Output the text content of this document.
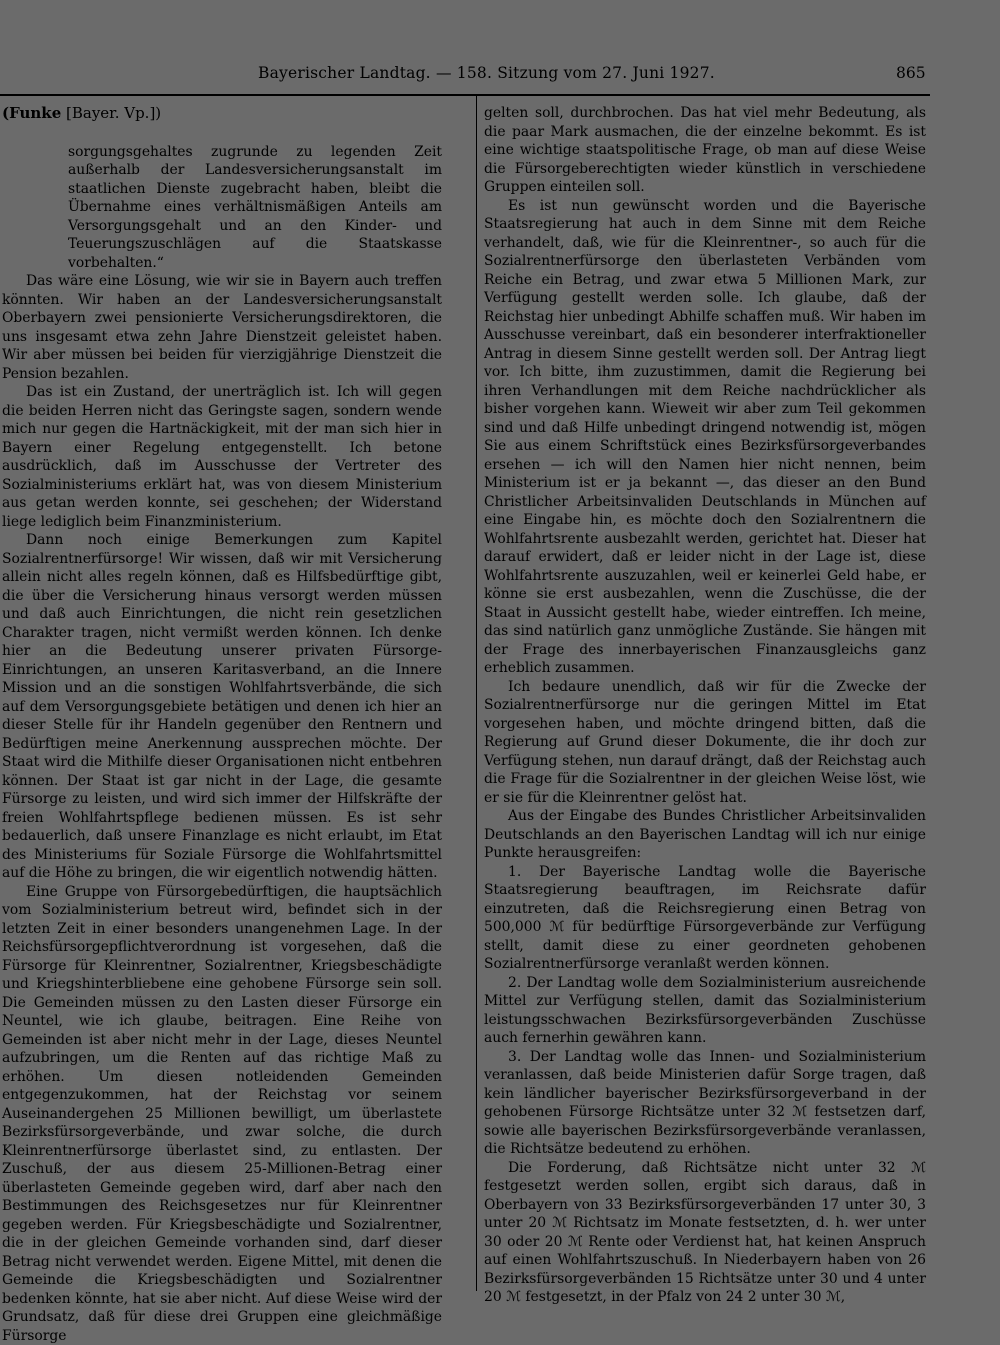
Bayerischer Landtag. — 158. Sitzung vom 27. Juni 1927.	865
(Funke [Bayer. Vp.])

sorgungsgehaltes zugrunde zu legenden Zeit außerhalb der Landesversicherungsanstalt im staatlichen Dienste zugebracht haben, bleibt die Übernahme eines verhältnismäßigen Anteils am Versorgungsgehalt und an den Kinder- und Teuerungszuschlägen auf die Staatskasse vorbehalten.“

Das wäre eine Lösung, wie wir sie in Bayern auch treffen könnten. Wir haben an der Landesversicherungsanstalt Oberbayern zwei pensionierte Versicherungsdirektoren, die uns insgesamt etwa zehn Jahre Dienstzeit geleistet haben. Wir aber müssen bei beiden für vierzigjährige Dienstzeit die Pension bezahlen.

Das ist ein Zustand, der unerträglich ist. Ich will gegen die beiden Herren nicht das Geringste sagen, sondern wende mich nur gegen die Hartnäckigkeit, mit der man sich hier in Bayern einer Regelung entgegenstellt. Ich betone ausdrücklich, daß im Ausschusse der Vertreter des Sozialministeriums erklärt hat, was von diesem Ministerium aus getan werden konnte, sei geschehen; der Widerstand liege lediglich beim Finanzministerium.

Dann noch einige Bemerkungen zum Kapitel Sozialrentnerfürsorge! Wir wissen, daß wir mit Versicherung allein nicht alles regeln können, daß es Hilfsbedürftige gibt, die über die Versicherung hinaus versorgt werden müssen und daß auch Einrichtungen, die nicht rein gesetzlichen Charakter tragen, nicht vermißt werden können. Ich denke hier an die Bedeutung unserer privaten Fürsorge-Einrichtungen, an unseren Karitasverband, an die Innere Mission und an die sonstigen Wohlfahrtsverbände, die sich auf dem Versorgungsgebiete betätigen und denen ich hier an dieser Stelle für ihr Handeln gegenüber den Rentnern und Bedürftigen meine Anerkennung aussprechen möchte. Der Staat wird die Mithilfe dieser Organisationen nicht entbehren können. Der Staat ist gar nicht in der Lage, die gesamte Fürsorge zu leisten, und wird sich immer der Hilfskräfte der freien Wohlfahrtspflege bedienen müssen. Es ist sehr bedauerlich, daß unsere Finanzlage es nicht erlaubt, im Etat des Ministeriums für Soziale Fürsorge die Wohlfahrtsmittel auf die Höhe zu bringen, die wir eigentlich notwendig hätten.

Eine Gruppe von Fürsorgebedürftigen, die hauptsächlich vom Sozialministerium betreut wird, befindet sich in der letzten Zeit in einer besonders unangenehmen Lage. In der Reichsfürsorgepflichtverordnung ist vorgesehen, daß die Fürsorge für Kleinrentner, Sozialrentner, Kriegsbeschädigte und Kriegshinterbliebene eine gehobene Fürsorge sein soll. Die Gemeinden müssen zu den Lasten dieser Fürsorge ein Neuntel, wie ich glaube, beitragen. Eine Reihe von Gemeinden ist aber nicht mehr in der Lage, dieses Neuntel aufzubringen, um die Renten auf das richtige Maß zu erhöhen. Um diesen notleidenden Gemeinden entgegenzukommen, hat der Reichstag vor seinem Auseinandergehen 25 Millionen bewilligt, um überlastete Bezirksfürsorgeverbände, und zwar solche, die durch Kleinrentnerfürsorge überlastet sind, zu entlasten. Der Zuschuß, der aus diesem 25-Millionen-Betrag einer überlasteten Gemeinde gegeben wird, darf aber nach den Bestimmungen des Reichsgesetzes nur für Kleinrentner gegeben werden. Für Kriegsbeschädigte und Sozialrentner, die in der gleichen Gemeinde vorhanden sind, darf dieser Betrag nicht verwendet werden. Eigene Mittel, mit denen die Gemeinde die Kriegsbeschädigten und Sozialrentner bedenken könnte, hat sie aber nicht. Auf diese Weise wird der Grundsatz, daß für diese drei Gruppen eine gleichmäßige Fürsorge

gelten soll, durchbrochen. Das hat viel mehr Bedeutung, als die paar Mark ausmachen, die der einzelne bekommt. Es ist eine wichtige staatspolitische Frage, ob man auf diese Weise die Fürsorgeberechtigten wieder künstlich in verschiedene Gruppen einteilen soll.

Es ist nun gewünscht worden und die Bayerische Staatsregierung hat auch in dem Sinne mit dem Reiche verhandelt, daß, wie für die Kleinrentner-, so auch für die Sozialrentnerfürsorge den überlasteten Verbänden vom Reiche ein Betrag, und zwar etwa 5 Millionen Mark, zur Verfügung gestellt werden solle. Ich glaube, daß der Reichstag hier unbedingt Abhilfe schaffen muß. Wir haben im Ausschusse vereinbart, daß ein besonderer interfraktioneller Antrag in diesem Sinne gestellt werden soll. Der Antrag liegt vor. Ich bitte, ihm zuzustimmen, damit die Regierung bei ihren Verhandlungen mit dem Reiche nachdrücklicher als bisher vorgehen kann. Wieweit wir aber zum Teil gekommen sind und daß Hilfe unbedingt dringend notwendig ist, mögen Sie aus einem Schriftstück eines Bezirksfürsorgeverbandes ersehen — ich will den Namen hier nicht nennen, beim Ministerium ist er ja bekannt —, das dieser an den Bund Christlicher Arbeitsinvaliden Deutschlands in München auf eine Eingabe hin, es möchte doch den Sozialrentnern die Wohlfahrtsrente ausbezahlt werden, gerichtet hat. Dieser hat darauf erwidert, daß er leider nicht in der Lage ist, diese Wohlfahrtsrente auszuzahlen, weil er keinerlei Geld habe, er könne sie erst ausbezahlen, wenn die Zuschüsse, die der Staat in Aussicht gestellt habe, wieder eintreffen. Ich meine, das sind natürlich ganz unmögliche Zustände. Sie hängen mit der Frage des innerbayerischen Finanzausgleichs ganz erheblich zusammen.

Ich bedaure unendlich, daß wir für die Zwecke der Sozialrentnerfürsorge nur die geringen Mittel im Etat vorgesehen haben, und möchte dringend bitten, daß die Regierung auf Grund dieser Dokumente, die ihr doch zur Verfügung stehen, nun darauf drängt, daß der Reichstag auch die Frage für die Sozialrentner in der gleichen Weise löst, wie er sie für die Kleinrentner gelöst hat.

Aus der Eingabe des Bundes Christlicher Arbeitsinvaliden Deutschlands an den Bayerischen Landtag will ich nur einige Punkte herausgreifen:

1. Der Bayerische Landtag wolle die Bayerische Staatsregierung beauftragen, im Reichsrate dafür einzutreten, daß die Reichsregierung einen Betrag von 500,000 ℳ für bedürftige Fürsorgeverbände zur Verfügung stellt, damit diese zu einer geordneten gehobenen Sozialrentnerfürsorge veranlaßt werden können.

2. Der Landtag wolle dem Sozialministerium ausreichende Mittel zur Verfügung stellen, damit das Sozialministerium leistungsschwachen Bezirksfürsorgeverbänden Zuschüsse auch fernerhin gewähren kann.

3. Der Landtag wolle das Innen- und Sozialministerium veranlassen, daß beide Ministerien dafür Sorge tragen, daß kein ländlicher bayerischer Bezirksfürsorgeverband in der gehobenen Fürsorge Richtsätze unter 32 ℳ festsetzen darf, sowie alle bayerischen Bezirksfürsorgeverbände veranlassen, die Richtsätze bedeutend zu erhöhen.

Die Forderung, daß Richtsätze nicht unter 32 ℳ festgesetzt werden sollen, ergibt sich daraus, daß in Oberbayern von 33 Bezirksfürsorgeverbänden 17 unter 30, 3 unter 20 ℳ Richtsatz im Monate festsetzten, d. h. wer unter 30 oder 20 ℳ Rente oder Verdienst hat, hat keinen Anspruch auf einen Wohlfahrtszuschuß. In Niederbayern haben von 26 Bezirksfürsorgeverbänden 15 Richtsätze unter 30 und 4 unter 20 ℳ festgesetzt, in der Pfalz von 24 2 unter 30 ℳ,
